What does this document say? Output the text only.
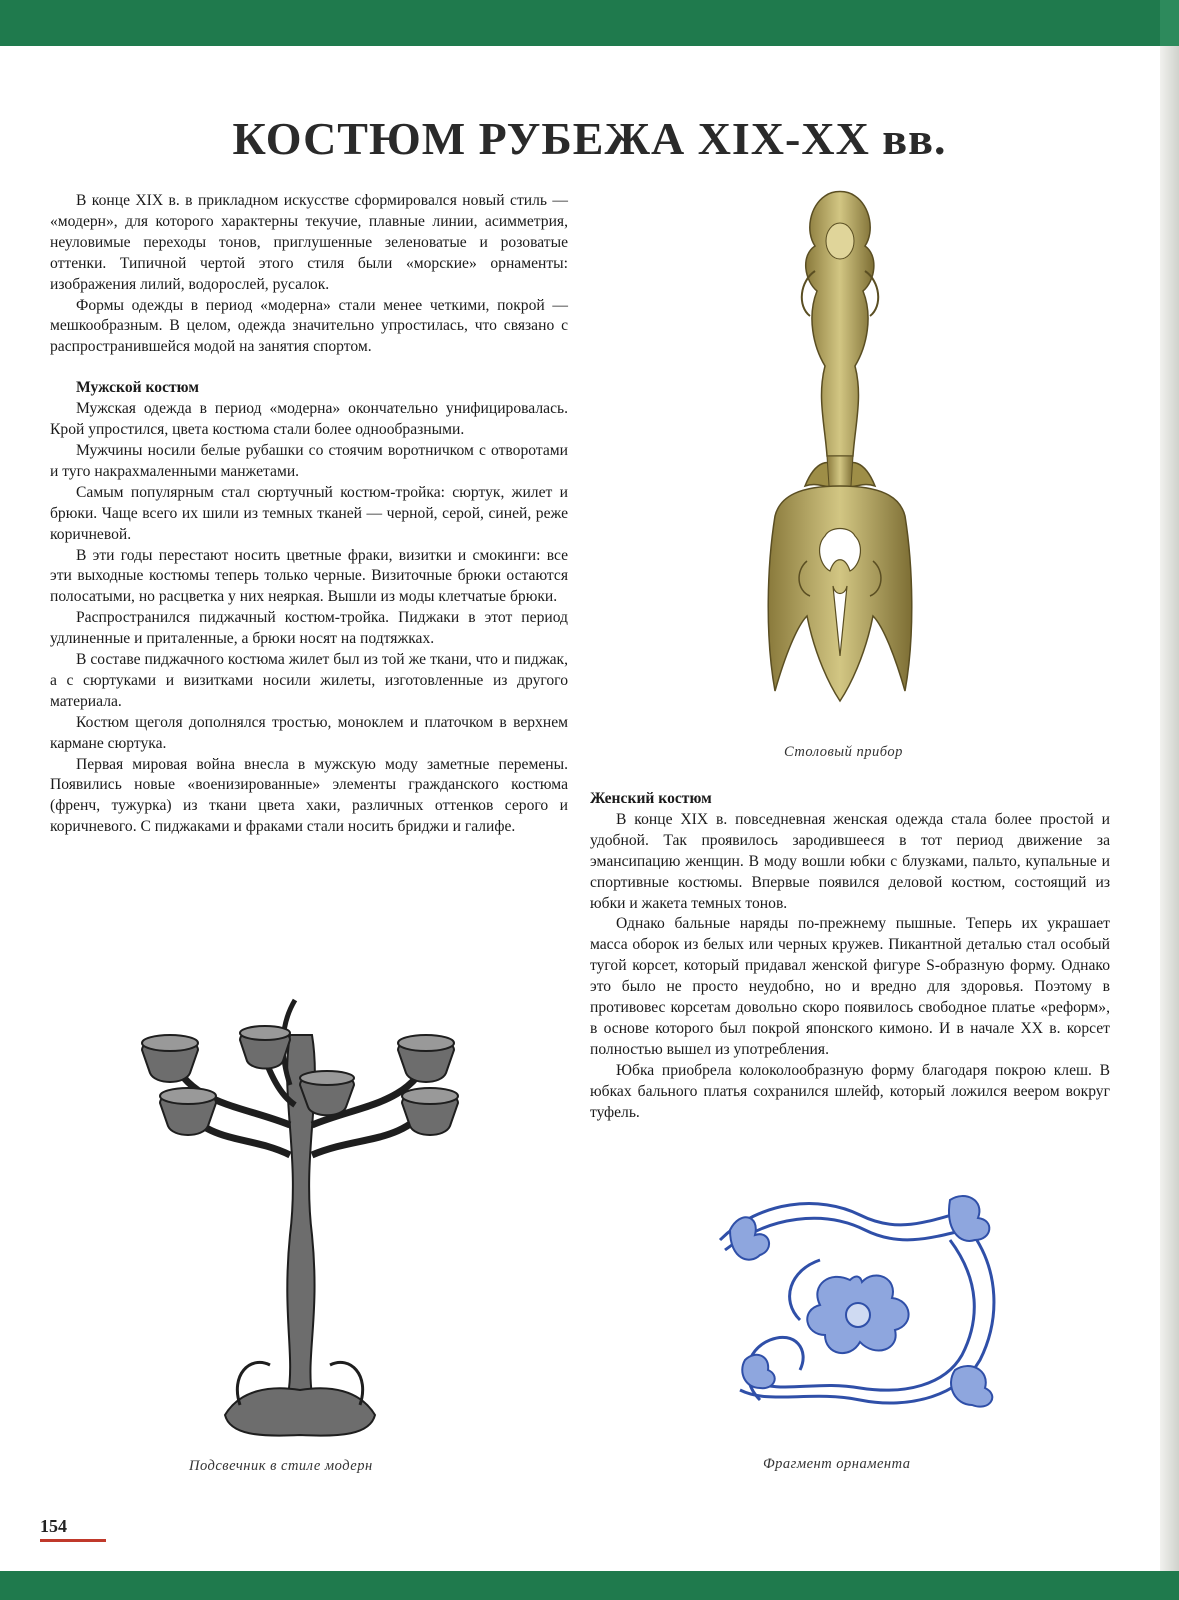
КОСТЮМ РУБЕЖА XIX-XX вв.

В конце XIX в. в прикладном искусстве сформировался новый стиль — «модерн», для которого характерны текучие, плавные линии, асимметрия, неуловимые переходы тонов, приглушенные зеленоватые и розоватые оттенки. Типичной чертой этого стиля были «морские» орнаменты: изображения лилий, водорослей, русалок.

Формы одежды в период «модерна» стали менее четкими, покрой — мешкообразным. В целом, одежда значительно упростилась, что связано с распространившейся модой на занятия спортом.

Мужской костюм

Мужская одежда в период «модерна» окончательно унифицировалась. Крой упростился, цвета костюма стали более однообразными.

Мужчины носили белые рубашки со стоячим воротничком с отворотами и туго накрахмаленными манжетами.

Самым популярным стал сюртучный костюм-тройка: сюртук, жилет и брюки. Чаще всего их шили из темных тканей — черной, серой, синей, реже коричневой.

В эти годы перестают носить цветные фраки, визитки и смокинги: все эти выходные костюмы теперь только черные. Визиточные брюки остаются полосатыми, но расцветка у них неяркая. Вышли из моды клетчатые брюки.

Распространился пиджачный костюм-тройка. Пиджаки в этот период удлиненные и приталенные, а брюки носят на подтяжках.

В составе пиджачного костюма жилет был из той же ткани, что и пиджак, а с сюртуками и визитками носили жилеты, изготовленные из другого материала.

Костюм щеголя дополнялся тростью, моноклем и платочком в верхнем кармане сюртука.

Первая мировая война внесла в мужскую моду заметные перемены. Появились новые «военизированные» элементы гражданского костюма (френч, тужурка) из ткани цвета хаки, различных оттенков серого и коричневого. С пиджаками и фраками стали носить бриджи и галифе.

Столовый прибор
Женский костюм

В конце XIX в. повседневная женская одежда стала более простой и удобной. Так проявилось зародившееся в тот период движение за эмансипацию женщин. В моду вошли юбки с блузками, пальто, купальные и спортивные костюмы. Впервые появился деловой костюм, состоящий из юбки и жакета темных тонов.

Однако бальные наряды по-прежнему пышные. Теперь их украшает масса оборок из белых или черных кружев. Пикантной деталью стал особый тугой корсет, который придавал женской фигуре S-образную форму. Однако это было не просто неудобно, но и вредно для здоровья. Поэтому в противовес корсетам довольно скоро появилось свободное платье «реформ», в основе которого был покрой японского кимоно. И в начале XX в. корсет полностью вышел из употребления.

Юбка приобрела колоколообразную форму благодаря покрою клеш. В юбках бального платья сохранился шлейф, который ложился веером вокруг туфель.

Подсвечник в стиле модерн	Фрагмент орнамента
154
